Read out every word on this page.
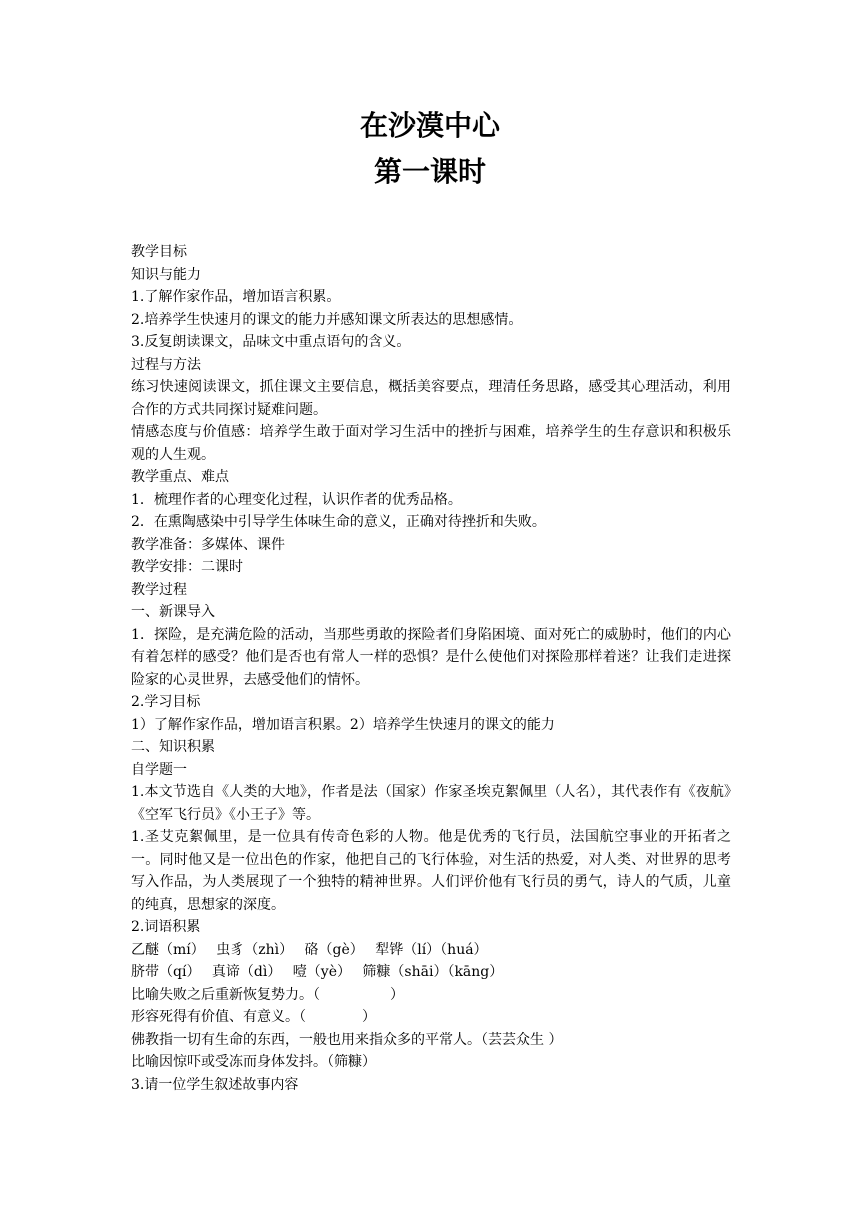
在沙漠中心
第一课时

教学目标

知识与能力

1.了解作家作品，增加语言积累。

2.培养学生快速月的课文的能力并感知课文所表达的思想感情。

3.反复朗读课文，品味文中重点语句的含义。

过程与方法

练习快速阅读课文，抓住课文主要信息，概括美容要点，理清任务思路，感受其心理活动，利用合作的方式共同探讨疑难问题。

情感态度与价值感：培养学生敢于面对学习生活中的挫折与困难，培养学生的生存意识和积极乐观的人生观。

教学重点、难点

1．梳理作者的心理变化过程，认识作者的优秀品格。

2．在熏陶感染中引导学生体味生命的意义，正确对待挫折和失败。

教学准备：多媒体、课件

教学安排：二课时

教学过程

一、新课导入

1．探险，是充满危险的活动，当那些勇敢的探险者们身陷困境、面对死亡的威胁时，他们的内心有着怎样的感受？他们是否也有常人一样的恐惧？是什么使他们对探险那样着迷？让我们走进探险家的心灵世界，去感受他们的情怀。

2.学习目标

1）了解作家作品，增加语言积累。2）培养学生快速月的课文的能力

二、知识积累

自学题一

1.本文节选自《人类的大地》，作者是法（国家）作家圣埃克絮佩里（人名），其代表作有《夜航》《空军飞行员》《小王子》等。

1.圣艾克絮佩里，是一位具有传奇色彩的人物。他是优秀的飞行员，法国航空事业的开拓者之一。同时他又是一位出色的作家，他把自己的飞行体验，对生活的热爱，对人类、对世界的思考写入作品，为人类展现了一个独特的精神世界。人们评价他有飞行员的勇气，诗人的气质，儿童的纯真，思想家的深度。

2.词语积累

乙醚（mí）　 虫豸（zhì）　 硌（gè）　 犁铧（lí）（huá）

脐带（qí）　 真谛（dì）　 噎（yè）　 筛糠（shāi）（kāng）

比喻失败之后重新恢复势力。（　　　　　）

形容死得有价值、有意义。（　　　　）

佛教指一切有生命的东西，一般也用来指众多的平常人。（芸芸众生 ）

比喻因惊吓或受冻而身体发抖。（筛糠）

3.请一位学生叙述故事内容
